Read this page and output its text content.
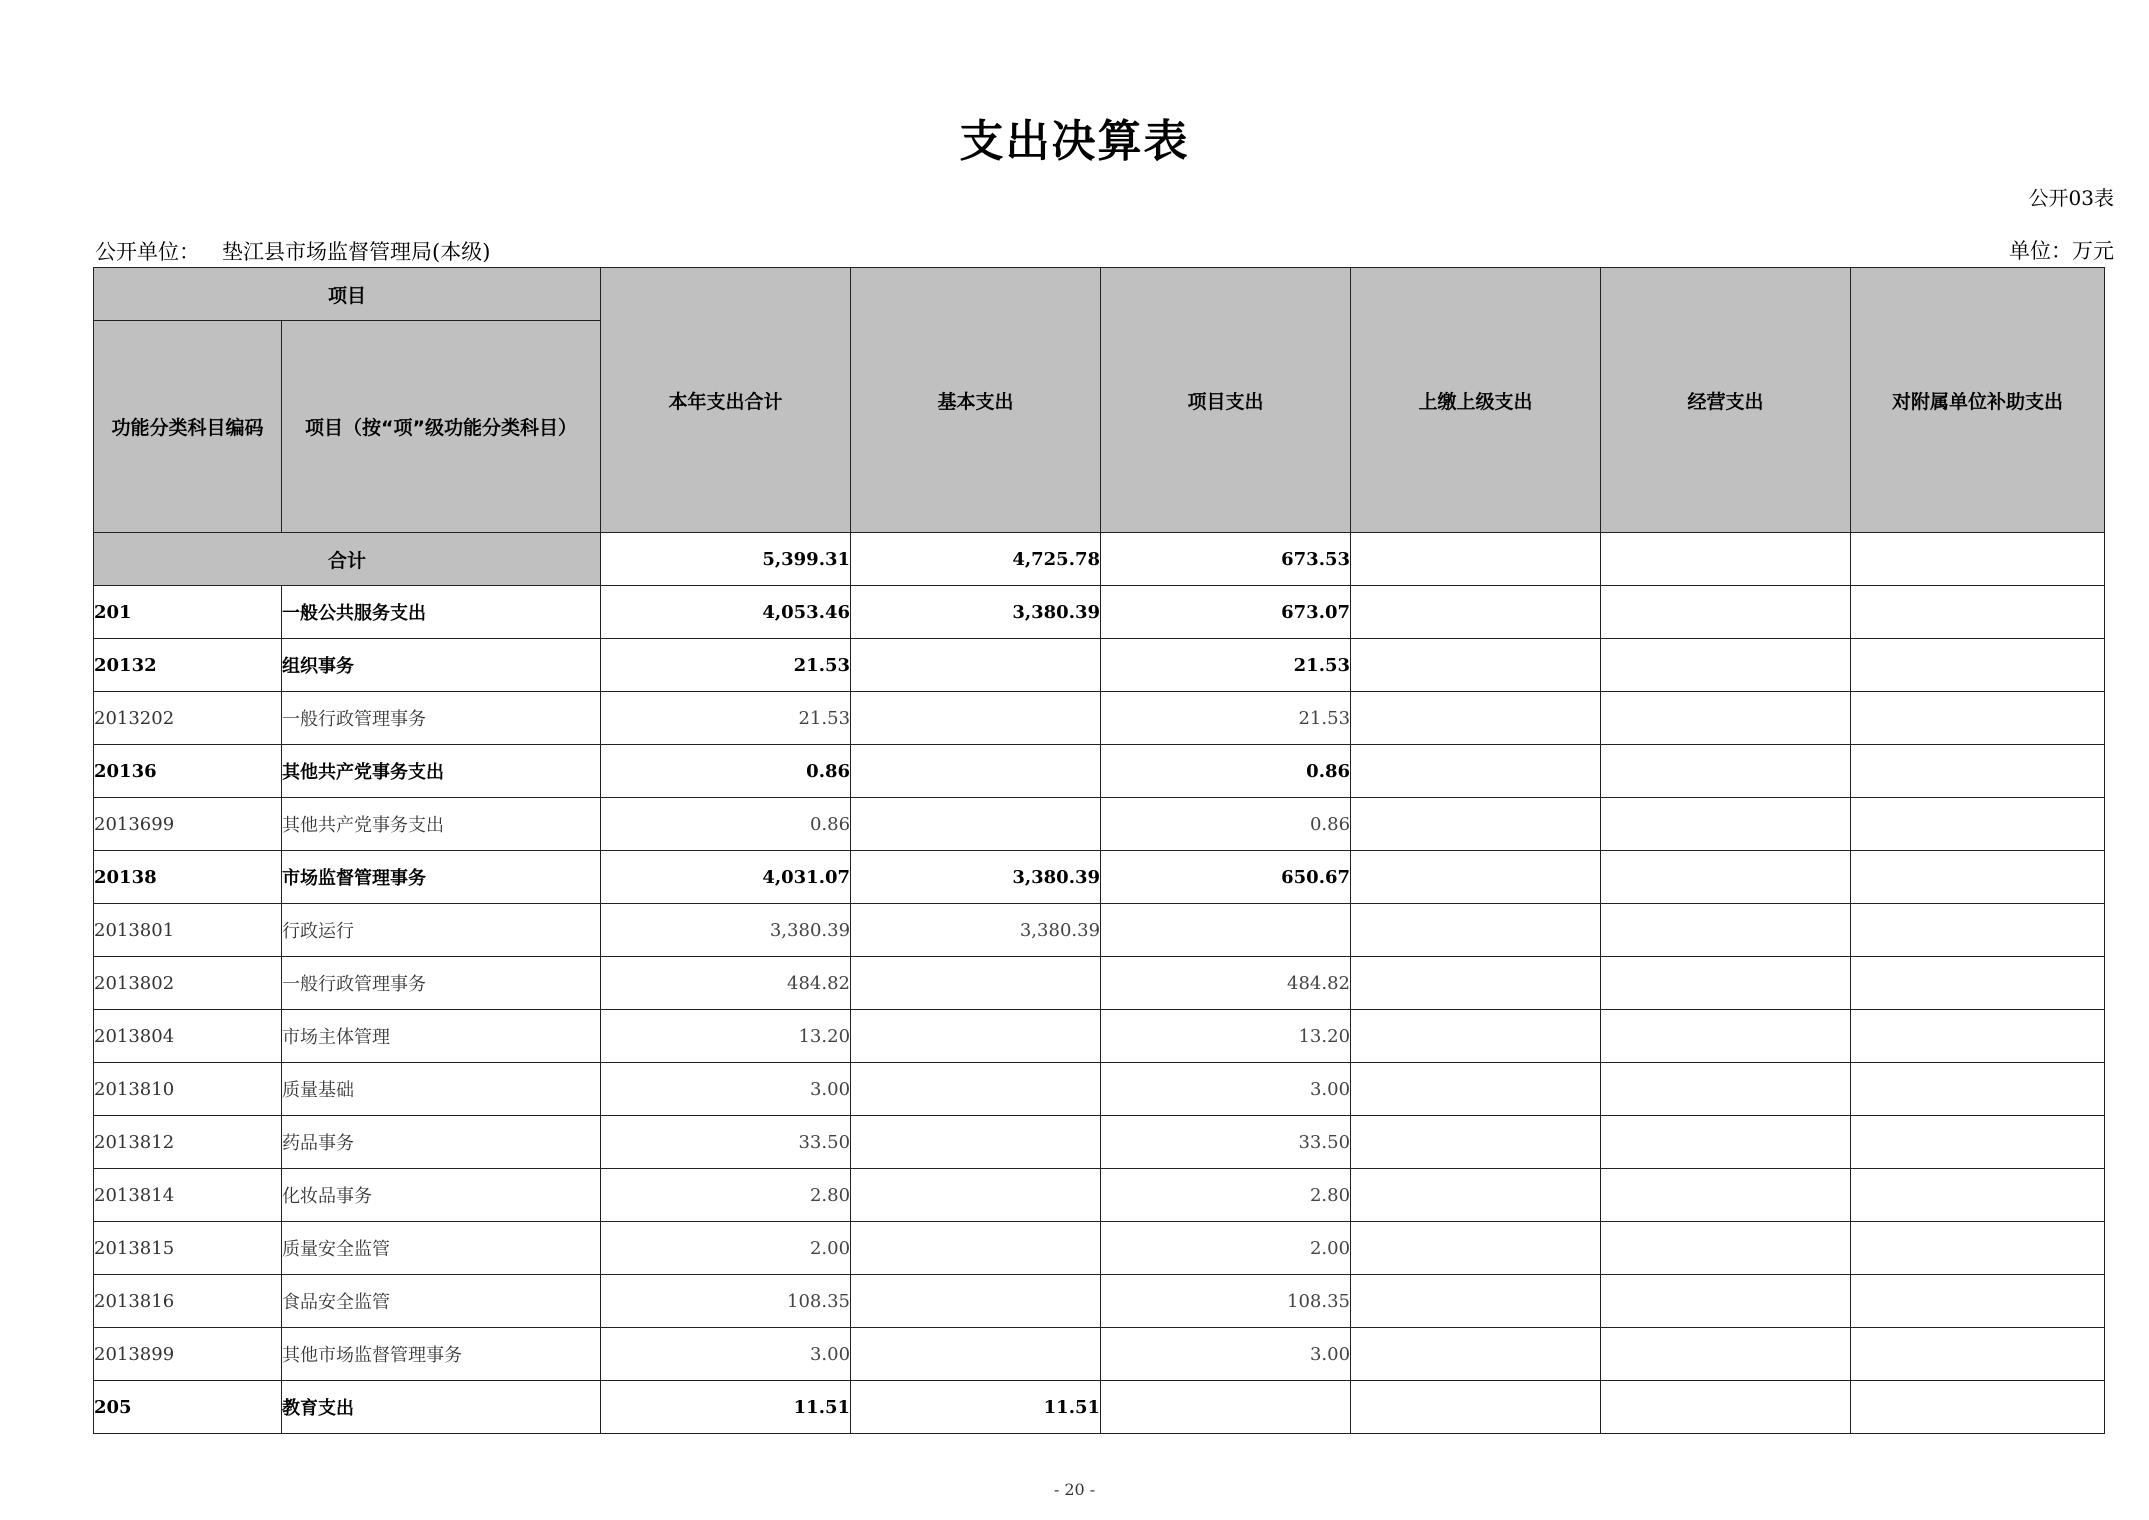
支出决算表
公开03表
公开单位： 垫江县市场监督管理局(本级)	单位：万元
项目		本年支出合计	基本支出	项目支出	上缴上级支出	经营支出	对附属单位补助支出
功能分类科目编码	项目（按“项”级功能分类科目）						
合计		5,399.31	4,725.78	673.53			
201	一般公共服务支出	4,053.46	3,380.39	673.07			
20132	组织事务	21.53		21.53			
2013202	一般行政管理事务	21.53		21.53			
20136	其他共产党事务支出	0.86		0.86			
2013699	其他共产党事务支出	0.86		0.86			
20138	市场监督管理事务	4,031.07	3,380.39	650.67			
2013801	行政运行	3,380.39	3,380.39				
2013802	一般行政管理事务	484.82		484.82			
2013804	市场主体管理	13.20		13.20			
2013810	质量基础	3.00		3.00			
2013812	药品事务	33.50		33.50			
2013814	化妆品事务	2.80		2.80			
2013815	质量安全监管	2.00		2.00			
2013816	食品安全监管	108.35		108.35			
2013899	其他市场监督管理事务	3.00		3.00			
205	教育支出	11.51	11.51				
- 20 -
